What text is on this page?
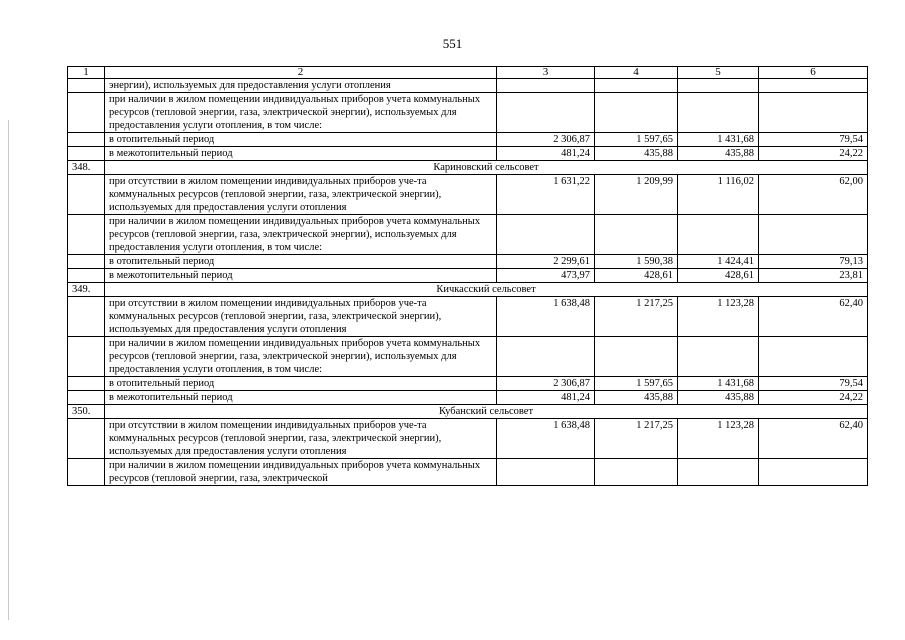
551
1	2	3	4	5	6
	энергии), используемых для предоставления услуги отопления				
	при наличии в жилом помещении индивидуальных приборов учета коммунальных ресурсов (тепловой энергии, газа, электрической энергии), используемых для предоставления услуги отопления, в том числе:				
	в отопительный период	2 306,87	1 597,65	1 431,68	79,54
	в межотопительный период	481,24	435,88	435,88	24,22
348.	Кариновский сельсовет				
	при отсутствии в жилом помещении индивидуальных приборов уче-та коммунальных ресурсов (тепловой энергии, газа, электрической энергии), используемых для предоставления услуги отопления	1 631,22	1 209,99	1 116,02	62,00
	при наличии в жилом помещении индивидуальных приборов учета коммунальных ресурсов (тепловой энергии, газа, электрической энергии), используемых для предоставления услуги отопления, в том числе:				
	в отопительный период	2 299,61	1 590,38	1 424,41	79,13
	в межотопительный период	473,97	428,61	428,61	23,81
349.	Кичкасский сельсовет				
	при отсутствии в жилом помещении индивидуальных приборов уче-та коммунальных ресурсов (тепловой энергии, газа, электрической энергии), используемых для предоставления услуги отопления	1 638,48	1 217,25	1 123,28	62,40
	при наличии в жилом помещении индивидуальных приборов учета коммунальных ресурсов (тепловой энергии, газа, электрической энергии), используемых для предоставления услуги отопления, в том числе:				
	в отопительный период	2 306,87	1 597,65	1 431,68	79,54
	в межотопительный период	481,24	435,88	435,88	24,22
350.	Кубанский сельсовет				
	при отсутствии в жилом помещении индивидуальных приборов уче-та коммунальных ресурсов (тепловой энергии, газа, электрической энергии), используемых для предоставления услуги отопления	1 638,48	1 217,25	1 123,28	62,40
	при наличии в жилом помещении индивидуальных приборов учета коммунальных ресурсов (тепловой энергии, газа, электрической				
